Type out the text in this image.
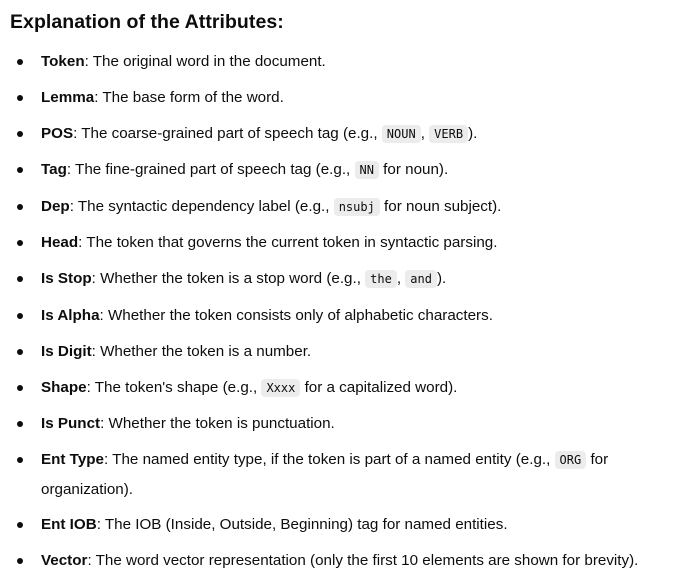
Explanation of the Attributes:
Token: The original word in the document.
Lemma: The base form of the word.
POS: The coarse-grained part of speech tag (e.g., NOUN , VERB ).
Tag: The fine-grained part of speech tag (e.g., NN for noun).
Dep: The syntactic dependency label (e.g., nsubj for noun subject).
Head: The token that governs the current token in syntactic parsing.
Is Stop: Whether the token is a stop word (e.g., the , and ).
Is Alpha: Whether the token consists only of alphabetic characters.
Is Digit: Whether the token is a number.
Shape: The token's shape (e.g., Xxxx for a capitalized word).
Is Punct: Whether the token is punctuation.
Ent Type: The named entity type, if the token is part of a named entity (e.g., ORG for organization).
Ent IOB: The IOB (Inside, Outside, Beginning) tag for named entities.
Vector: The word vector representation (only the first 10 elements are shown for brevity).
